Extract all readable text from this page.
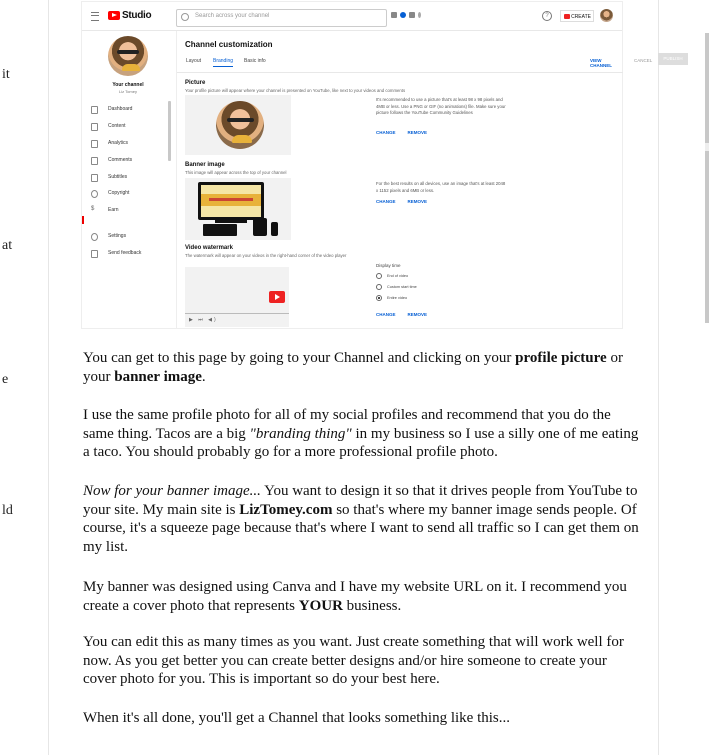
it
at
e
ld
Studio	Search across your channel	?	CREATE
Your channel
Liz Tomey
Dashboard
Content
Analytics
Comments
Subtitles
Copyright
$	Earn
Settings
Send feedback
Channel customization
Layout Branding Basic info	VIEW CHANNEL
CANCEL	PUBLISH
Picture
Your profile picture will appear where your channel is presented on YouTube, like next to your videos and comments
It's recommended to use a picture that's at least 98 x 98 pixels and 4MB or less. Use a PNG or GIF (no animations) file. Make sure your picture follows the YouTube Community Guidelines
CHANGE	REMOVE
Banner image
This image will appear across the top of your channel
For the best results on all devices, use an image that's at least 2048 x 1152 pixels and 6MB or less.
CHANGE	REMOVE
Video watermark
The watermark will appear on your videos in the right-hand corner of the video player
▶ ⏭ ◀)
Display time
End of video
Custom start time
Entire video
CHANGE	REMOVE

You can get to this page by going to your Channel and clicking on your profile picture or your banner image.

I use the same profile photo for all of my social profiles and recommend that you do the same thing. Tacos are a big "branding thing" in my business so I use a silly one of me eating a taco. You should probably go for a more professional profile photo.

Now for your banner image... You want to design it so that it drives people from YouTube to your site. My main site is LizTomey.com so that's where my banner image sends people. Of course, it's a squeeze page because that's where I want to send all traffic so I can get them on my list.

My banner was designed using Canva and I have my website URL on it. I recommend you create a cover photo that represents YOUR business.

You can edit this as many times as you want. Just create something that will work well for now. As you get better you can create better designs and/or hire someone to create your cover photo for you. This is important so do your best here.

When it's all done, you'll get a Channel that looks something like this...
